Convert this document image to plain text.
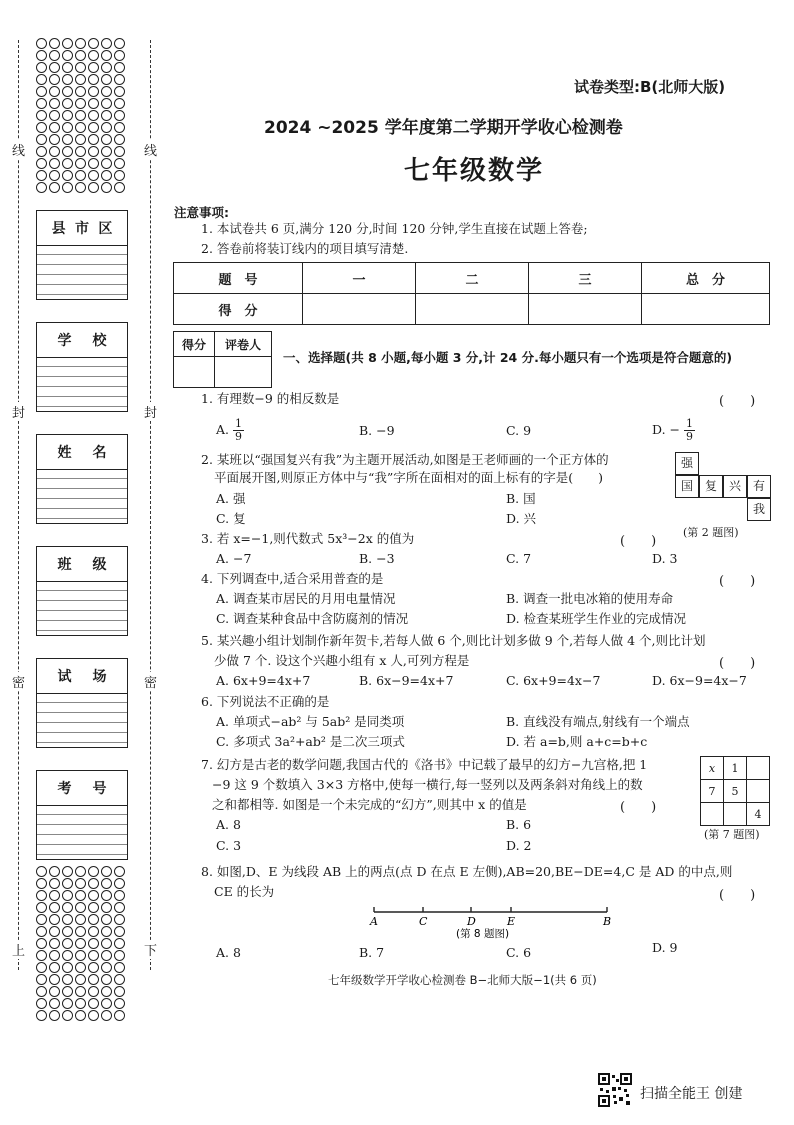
线	线
封	封
密	密
上	下
县 市 区
学 校
姓 名
班 级
试 场
考 号
试卷类型:B(北师大版)
2024 ~2025 学年度第二学期开学收心检测卷
七年级数学
注意事项:
1. 本试卷共 6 页,满分 120 分,时间 120 分钟,学生直接在试题上答卷;
2. 答卷前将装订线内的项目填写清楚.
题　号	一	二	三	总　分
得　分				
得分	评卷人

一、选择题(共 8 小题,每小题 3 分,计 24 分.每小题只有一个选项是符合题意的)
1. 有理数−9 的相反数是	(　　)
A. $\frac{1}{9}$	B. −9	C. 9	D. − $\frac{1}{9}$
2. 某班以“强国复兴有我”为主题开展活动,如图是王老师画的一个正方体的
平面展开图,则原正方体中与“我”字所在面相对的面上标有的字是(　　)
A. 强	B. 国
C. 复	D. 兴
强
国 复 兴 有
我
(第 2 题图)
3. 若 x=−1,则代数式 5x³−2x 的值为	(　　)
A. −7	B. −3	C. 7	D. 3
4. 下列调查中,适合采用普查的是	(　　)
A. 调查某市居民的月用电量情况	B. 调查一批电冰箱的使用寿命
C. 调查某种食品中含防腐剂的情况	D. 检查某班学生作业的完成情况
5. 某兴趣小组计划制作新年贺卡,若每人做 6 个,则比计划多做 9 个,若每人做 4 个,则比计划
少做 7 个. 设这个兴趣小组有 x 人,可列方程是	(　　)
A. 6x+9=4x+7	B. 6x−9=4x+7	C. 6x+9=4x−7	D. 6x−9=4x−7
6. 下列说法不正确的是
A. 单项式−ab² 与 5ab² 是同类项	B. 直线没有端点,射线有一个端点
C. 多项式 3a²+ab² 是二次三项式	D. 若 a=b,则 a+c=b+c
7. 幻方是古老的数学问题,我国古代的《洛书》中记载了最早的幻方−九宫格,把 1
−9 这 9 个数填入 3×3 方格中,使每一横行,每一竖列以及两条斜对角线上的数
之和都相等. 如图是一个未完成的“幻方”,则其中 x 的值是	(　　)
A. 8	B. 6
C. 3	D. 2
x	1	
7	5	
		4
(第 7 题图)
8. 如图,D、E 为线段 AB 上的两点(点 D 在点 E 左侧),AB=20,BE−DE=4,C 是 AD 的中点,则
CE 的长为	(　　)
A	C	D	E	B
(第 8 题图)
A. 8	B. 7	C. 6	D. 9
七年级数学开学收心检测卷 B−北师大版−1(共 6 页)
扫描全能王 创建
